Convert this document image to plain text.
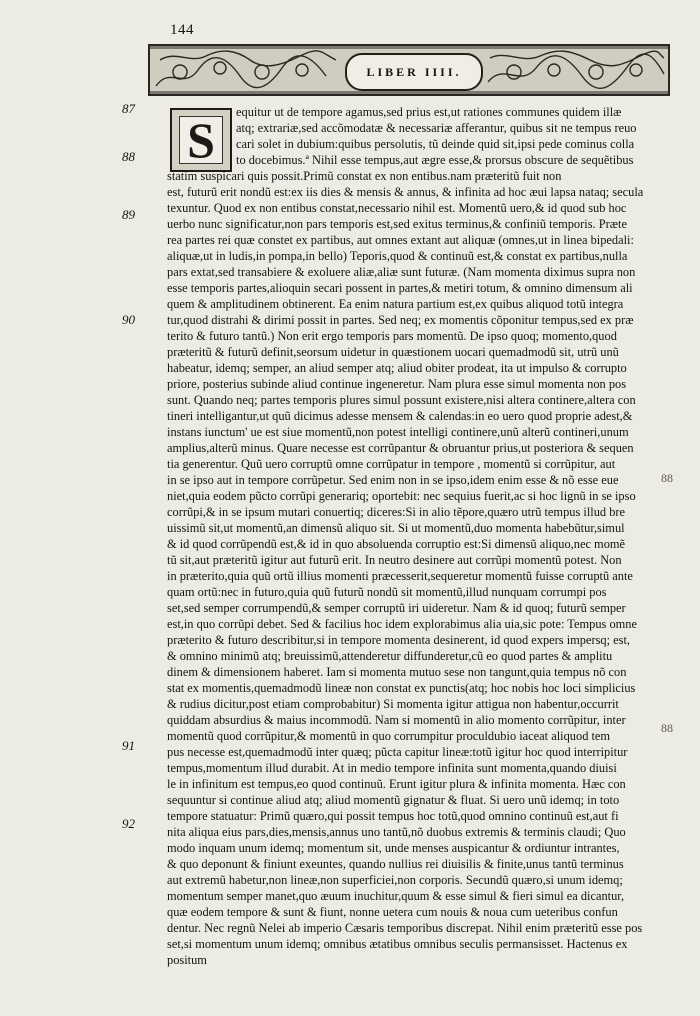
144
LIBER IIII.
S
87
88
89
90
91
92
88
88
equitur ut de tempore agamus,sed prius est,ut rationes communes quidem illæ
atq; extrariæ,sed accõmodatæ & necessariæ afferantur, quibus sit ne tempus reuo
cari solet in dubium:quibus persolutis, tũ deinde quid sit,ipsi pede cominus colla
to docebimus.ª Nihil esse tempus,aut ægre esse,& prorsus obscure de sequẽtibus
statim suspicari quis possit.Primũ constat ex non entibus.nam præteritũ fuit non
est, futurũ erit nondũ est:ex iis dies & mensis & annus, & infinita ad hoc æui lapsa nataq; secula
texuntur. Quod ex non entibus constat,necessario nihil est. Momentũ uero,& id quod sub hoc
uerbo nunc significatur,non pars temporis est,sed exitus terminus,& confiniũ temporis. Præte
rea partes rei quæ constet ex partibus, aut omnes extant aut aliquæ (omnes,ut in linea bipedali:
aliquæ,ut in ludis,in pompa,in bello) Teporis,quod & continuũ est,& constat ex partibus,nulla
pars extat,sed transabiere & exoluere aliæ,aliæ sunt futuræ. (Nam momenta diximus supra non
esse temporis partes,alioquin secari possent in partes,& metiri totum, & omnino dimensum ali
quem & amplitudinem obtinerent. Ea enim natura partium est,ex quibus aliquod totũ integra
tur,quod distrahi & dirimi possit in partes. Sed neq; ex momentis cõponitur tempus,sed ex præ
terito & futuro tantũ.) Non erit ergo temporis pars momentũ. De ipso quoq; momento,quod
præteritũ & futurũ definit,seorsum uidetur in quæstionem uocari quemadmodũ sit, utrũ unũ
habeatur, idemq; semper, an aliud semper atq; aliud obiter prodeat, ita ut impulso & corrupto
priore, posterius subinde aliud continue ingeneretur. Nam plura esse simul momenta non pos
sunt. Quando neq; partes temporis plures simul possunt existere,nisi altera continere,altera con
tineri intelligantur,ut quũ dicimus adesse mensem & calendas:in eo uero quod proprie adest,&
instans iunctum' ue est siue momentũ,non potest intelligi continere,unũ alterũ contineri,unum
amplius,alterũ minus. Quare necesse est corrũpantur & obruantur prius,ut posteriora & sequen
tia generentur. Quũ uero corruptũ omne corrũpatur in tempore , momentũ si corrũpitur, aut
in se ipso aut in tempore corrũpetur. Sed enim non in se ipso,idem enim esse & nõ esse eue
niet,quia eodem pũcto corrũpi generariq; oportebit: nec sequius fuerit,ac si hoc lignũ in se ipso
corrũpi,& in se ipsum mutari conuertiq; diceres:Si in alio tẽpore,quæro utrũ tempus illud bre
uissimũ sit,ut momentũ,an dimensũ aliquo sit. Si ut momentũ,duo momenta habebũtur,simul
& id quod corrũpendũ est,& id in quo absoluenda corruptio est:Si dimensũ aliquo,nec momẽ
tũ sit,aut præteritũ igitur aut futurũ erit. In neutro desinere aut corrũpi momentũ potest. Non
in præterito,quia quũ ortũ illius momenti præcesserit,sequeretur momentũ fuisse corruptũ ante
quam ortũ:nec in futuro,quia quũ futurũ nondũ sit momentũ,illud nunquam corrumpi pos
set,sed semper corrumpendũ,& semper corruptũ iri uideretur. Nam & id quoq; futurũ semper
est,in quo corrũpi debet. Sed & facilius hoc idem explorabimus alia uia,sic pote: Tempus omne
præterito & futuro describitur,si in tempore momenta desinerent, id quod expers impersq; est,
& omnino minimũ atq; breuissimũ,attenderetur diffunderetur,cũ eo quod partes & amplitu
dinem & dimensionem haberet. Iam si momenta mutuo sese non tangunt,quia tempus nõ con
stat ex momentis,quemadmodũ lineæ non constat ex punctis(atq; hoc nobis hoc loci simplicius
& rudius dicitur,post etiam comprobabitur) Si momenta igitur attigua non habentur,occurrit
quiddam absurdius & maius incommodũ. Nam si momentũ in alio momento corrũpitur, inter
momentũ quod corrũpitur,& momentũ in quo corrumpitur proculdubio iaceat aliquod tem
pus necesse est,quemadmodũ inter quæq; pũcta capitur lineæ:totũ igitur hoc quod interripitur
tempus,momentum illud durabit. At in medio tempore infinita sunt momenta,quando diuisi
le in infinitum est tempus,eo quod continuũ. Erunt igitur plura & infinita momenta. Hæc con
sequuntur si continue aliud atq; aliud momentũ gignatur & fluat. Si uero unũ idemq; in toto
tempore statuatur: Primũ quæro,qui possit tempus hoc totũ,quod omnino continuũ est,aut fi
nita aliqua eius pars,dies,mensis,annus uno tantũ,nõ duobus extremis & terminis claudi; Quo
modo inquam unum idemq; momentum sit, unde menses auspicantur & ordiuntur intrantes,
& quo deponunt & finiunt exeuntes, quando nullius rei diuisilis & finite,unus tantũ terminus
aut extremũ habetur,non lineæ,non superficiei,non corporis. Secundũ quæro,si unum idemq;
momentum semper manet,quo æuum inuchitur,quum & esse simul & fieri simul ea dicantur,
quæ eodem tempore & sunt & fiunt, nonne uetera cum nouis & noua cum ueteribus confun
dentur. Nec regnũ Nelei ab imperio Cæsaris temporibus discrepat. Nihil enim præteritũ esse pos
set,si momentum unum idemq; omnibus ætatibus omnibus seculis permansisset. Hactenus ex
positum
